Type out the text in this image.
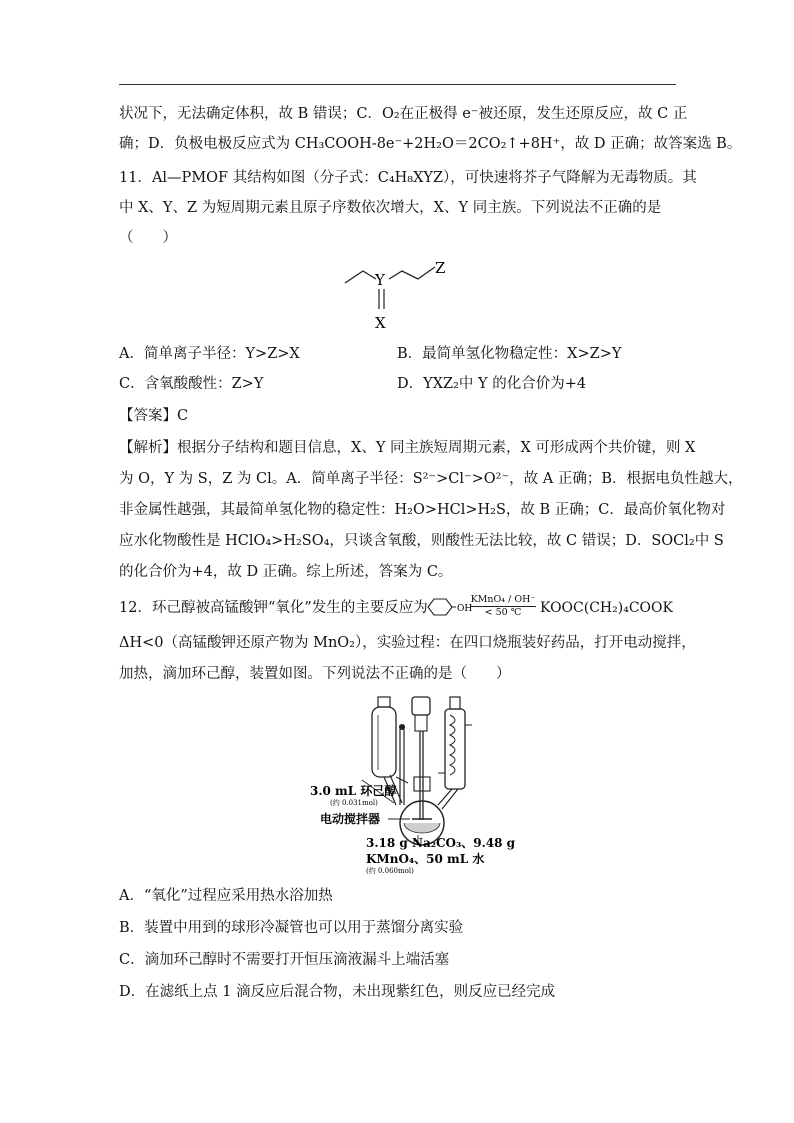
状况下，无法确定体积，故 B 错误；C．O₂在正极得 e⁻被还原，发生还原反应，故 C 正
确；D．负极电极反应式为 CH₃COOH-8e⁻+2H₂O＝2CO₂↑+8H⁺，故 D 正确；故答案选 B。
11．Al—PMOF 其结构如图（分子式：C₄H₈XYZ），可快速将芥子气降解为无毒物质。其
中 X、Y、Z 为短周期元素且原子序数依次增大，X、Y 同主族。下列说法不正确的是
（　　）
Y
Z
X
A．简单离子半径：Y>Z>X	B．最简单氢化物稳定性：X>Z>Y
C．含氧酸酸性：Z>Y	D．YXZ₂中 Y 的化合价为+4
【答案】C
【解析】根据分子结构和题目信息，X、Y 同主族短周期元素，X 可形成两个共价键，则 X
为 O，Y 为 S，Z 为 Cl。A．简单离子半径：S²⁻>Cl⁻>O²⁻，故 A 正确；B．根据电负性越大，
非金属性越强，其最简单氢化物的稳定性：H₂O>HCl>H₂S，故 B 正确；C．最高价氧化物对
应水化物酸性是 HClO₄>H₂SO₄，只谈含氧酸，则酸性无法比较，故 C 错误；D．SOCl₂中 S
的化合价为+4，故 D 正确。综上所述，答案为 C。
12．环己醇被高锰酸钾“氧化”发生的主要反应为	OH
KMnO₄ / OH⁻
< 50 ℃	KOOC(CH₂)₄COOK
ΔH<0（高锰酸钾还原产物为 MnO₂），实验过程：在四口烧瓶装好药品，打开电动搅拌，
加热，滴加环己醇，装置如图。下列说法不正确的是（　　）
3.0 mL 环己醇
(约 0.031mol)
电动搅拌器
3.18 g Na₂CO₃、9.48 g
KMnO₄、50 mL 水
(约 0.060mol)
A．“氧化”过程应采用热水浴加热
B．装置中用到的球形冷凝管也可以用于蒸馏分离实验
C．滴加环己醇时不需要打开恒压滴液漏斗上端活塞
D．在滤纸上点 1 滴反应后混合物，未出现紫红色，则反应已经完成
